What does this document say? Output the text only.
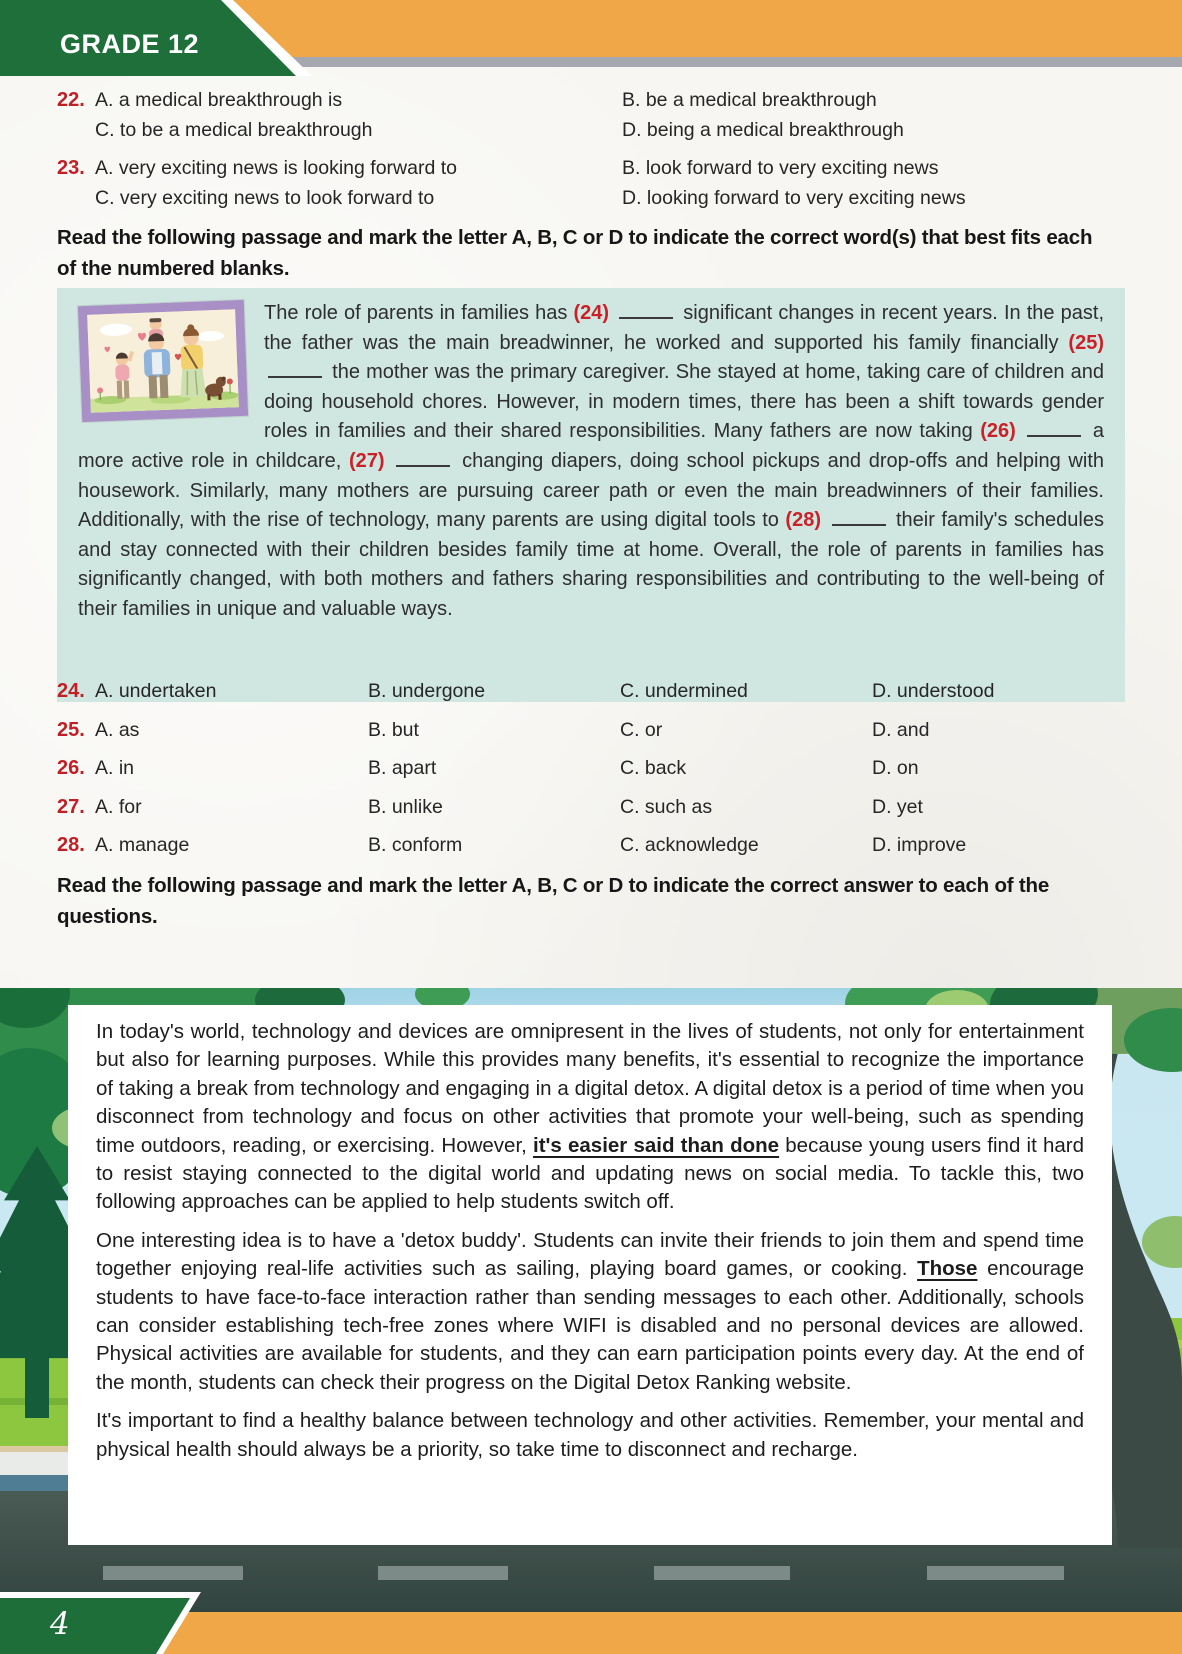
GRADE 12
22. A. a medical breakthrough is	B. be a medical breakthrough
C. to be a medical breakthrough	D. being a medical breakthrough
23. A. very exciting news is looking forward to	B. look forward to very exciting news
C. very exciting news to look forward to	D. looking forward to very exciting news
Read the following passage and mark the letter A, B, C or D to indicate the correct word(s) that best fits each of the numbered blanks.
The role of parents in families has (24)	significant changes in recent years. In the past, the father was the main breadwinner, he worked and supported his family financially (25)  the mother was the primary caregiver. She stayed at home, taking care of children and doing household chores. However, in modern times, there has been a shift towards gender roles in families and their shared responsibilities. Many fathers are now taking (26)	a more active role in childcare, (27)	changing diapers, doing school pickups and drop-offs and helping with housework. Similarly, many mothers are pursuing career path or even the main breadwinners of their families. Additionally, with the rise of technology, many parents are using digital tools to (28)	their family's schedules and stay connected with their children besides family time at home. Overall, the role of parents in families has significantly changed, with both mothers and fathers sharing responsibilities and contributing to the well-being of their families in unique and valuable ways.
24. A. undertaken	B. undergone	C. undermined	D. understood
25. A. as	B. but	C. or	D. and
26. A. in	B. apart	C. back	D. on
27. A. for	B. unlike	C. such as	D. yet
28. A. manage	B. conform	C. acknowledge	D. improve
Read the following passage and mark the letter A, B, C or D to indicate the correct answer to each of the questions.

In today's world, technology and devices are omnipresent in the lives of students, not only for entertainment but also for learning purposes. While this provides many benefits, it's essential to recognize the importance of taking a break from technology and engaging in a digital detox. A digital detox is a period of time when you disconnect from technology and focus on other activities that promote your well-being, such as spending time outdoors, reading, or exercising. However, it's easier said than done because young users find it hard to resist staying connected to the digital world and updating news on social media. To tackle this, two following approaches can be applied to help students switch off.

One interesting idea is to have a 'detox buddy'. Students can invite their friends to join them and spend time together enjoying real-life activities such as sailing, playing board games, or cooking. Those encourage students to have face-to-face interaction rather than sending messages to each other. Additionally, schools can consider establishing tech-free zones where WIFI is disabled and no personal devices are allowed. Physical activities are available for students, and they can earn participation points every day. At the end of the month, students can check their progress on the Digital Detox Ranking website.

It's important to find a healthy balance between technology and other activities. Remember, your mental and physical health should always be a priority, so take time to disconnect and recharge.

4
